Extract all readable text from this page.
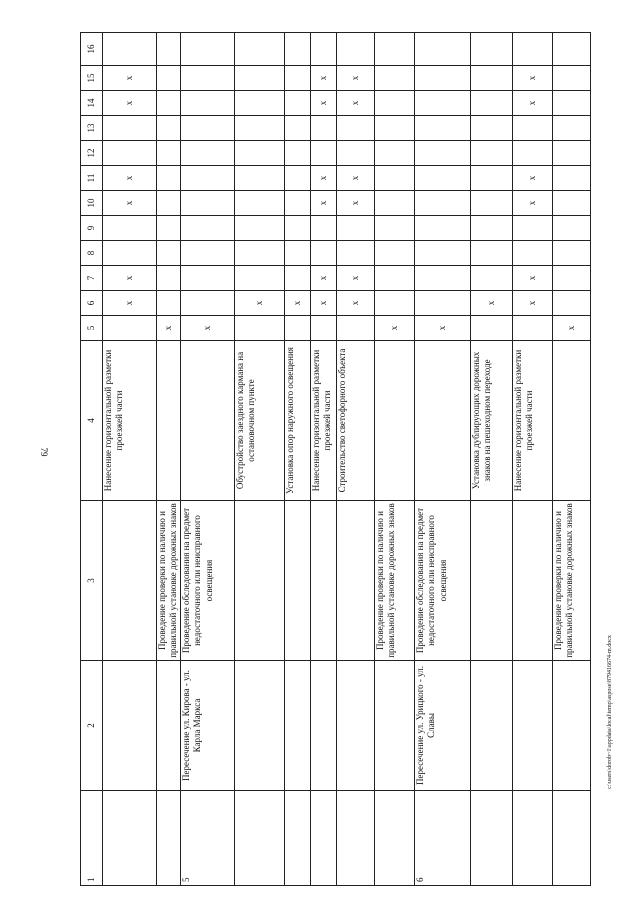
79
1	2	3	4	5	6	7	8	9	10	11	12	13	14	15	16
			Нанесение горизонтальной разметки проезжей части		x	x			x	x			x	x	
		Проведение проверки по наличию и правильной установке дорожных знаков		x											
5	Пересечение ул. Кирова - ул. Карла Маркса	Проведение обследования на предмет недостаточного или неисправного освещения		x											
			Обустройство заездного кармана на остановочном пункте		x										
			Установка опор наружного освещения		x										
			Нанесение горизонтальной разметки проезжей части		x	x			x	x			x	x	
			Строительство светофорного объекта		x	x			x	x			x	x	
		Проведение проверки по наличию и правильной установке дорожных знаков		x											
6	Пересечение ул. Урицкого - ул. Славы	Проведение обследования на предмет недостаточного или неисправного освещения		x											
			Установка дублирующих дорожных знаков на пешеходном переходе		x										
			Нанесение горизонтальной разметки проезжей части		x	x			x	x			x	x	
		Проведение проверки по наличию и правильной установке дорожных знаков		x											
c:\users\dorob~1\appdata\local\temp\aspose\879416674-m.docx
